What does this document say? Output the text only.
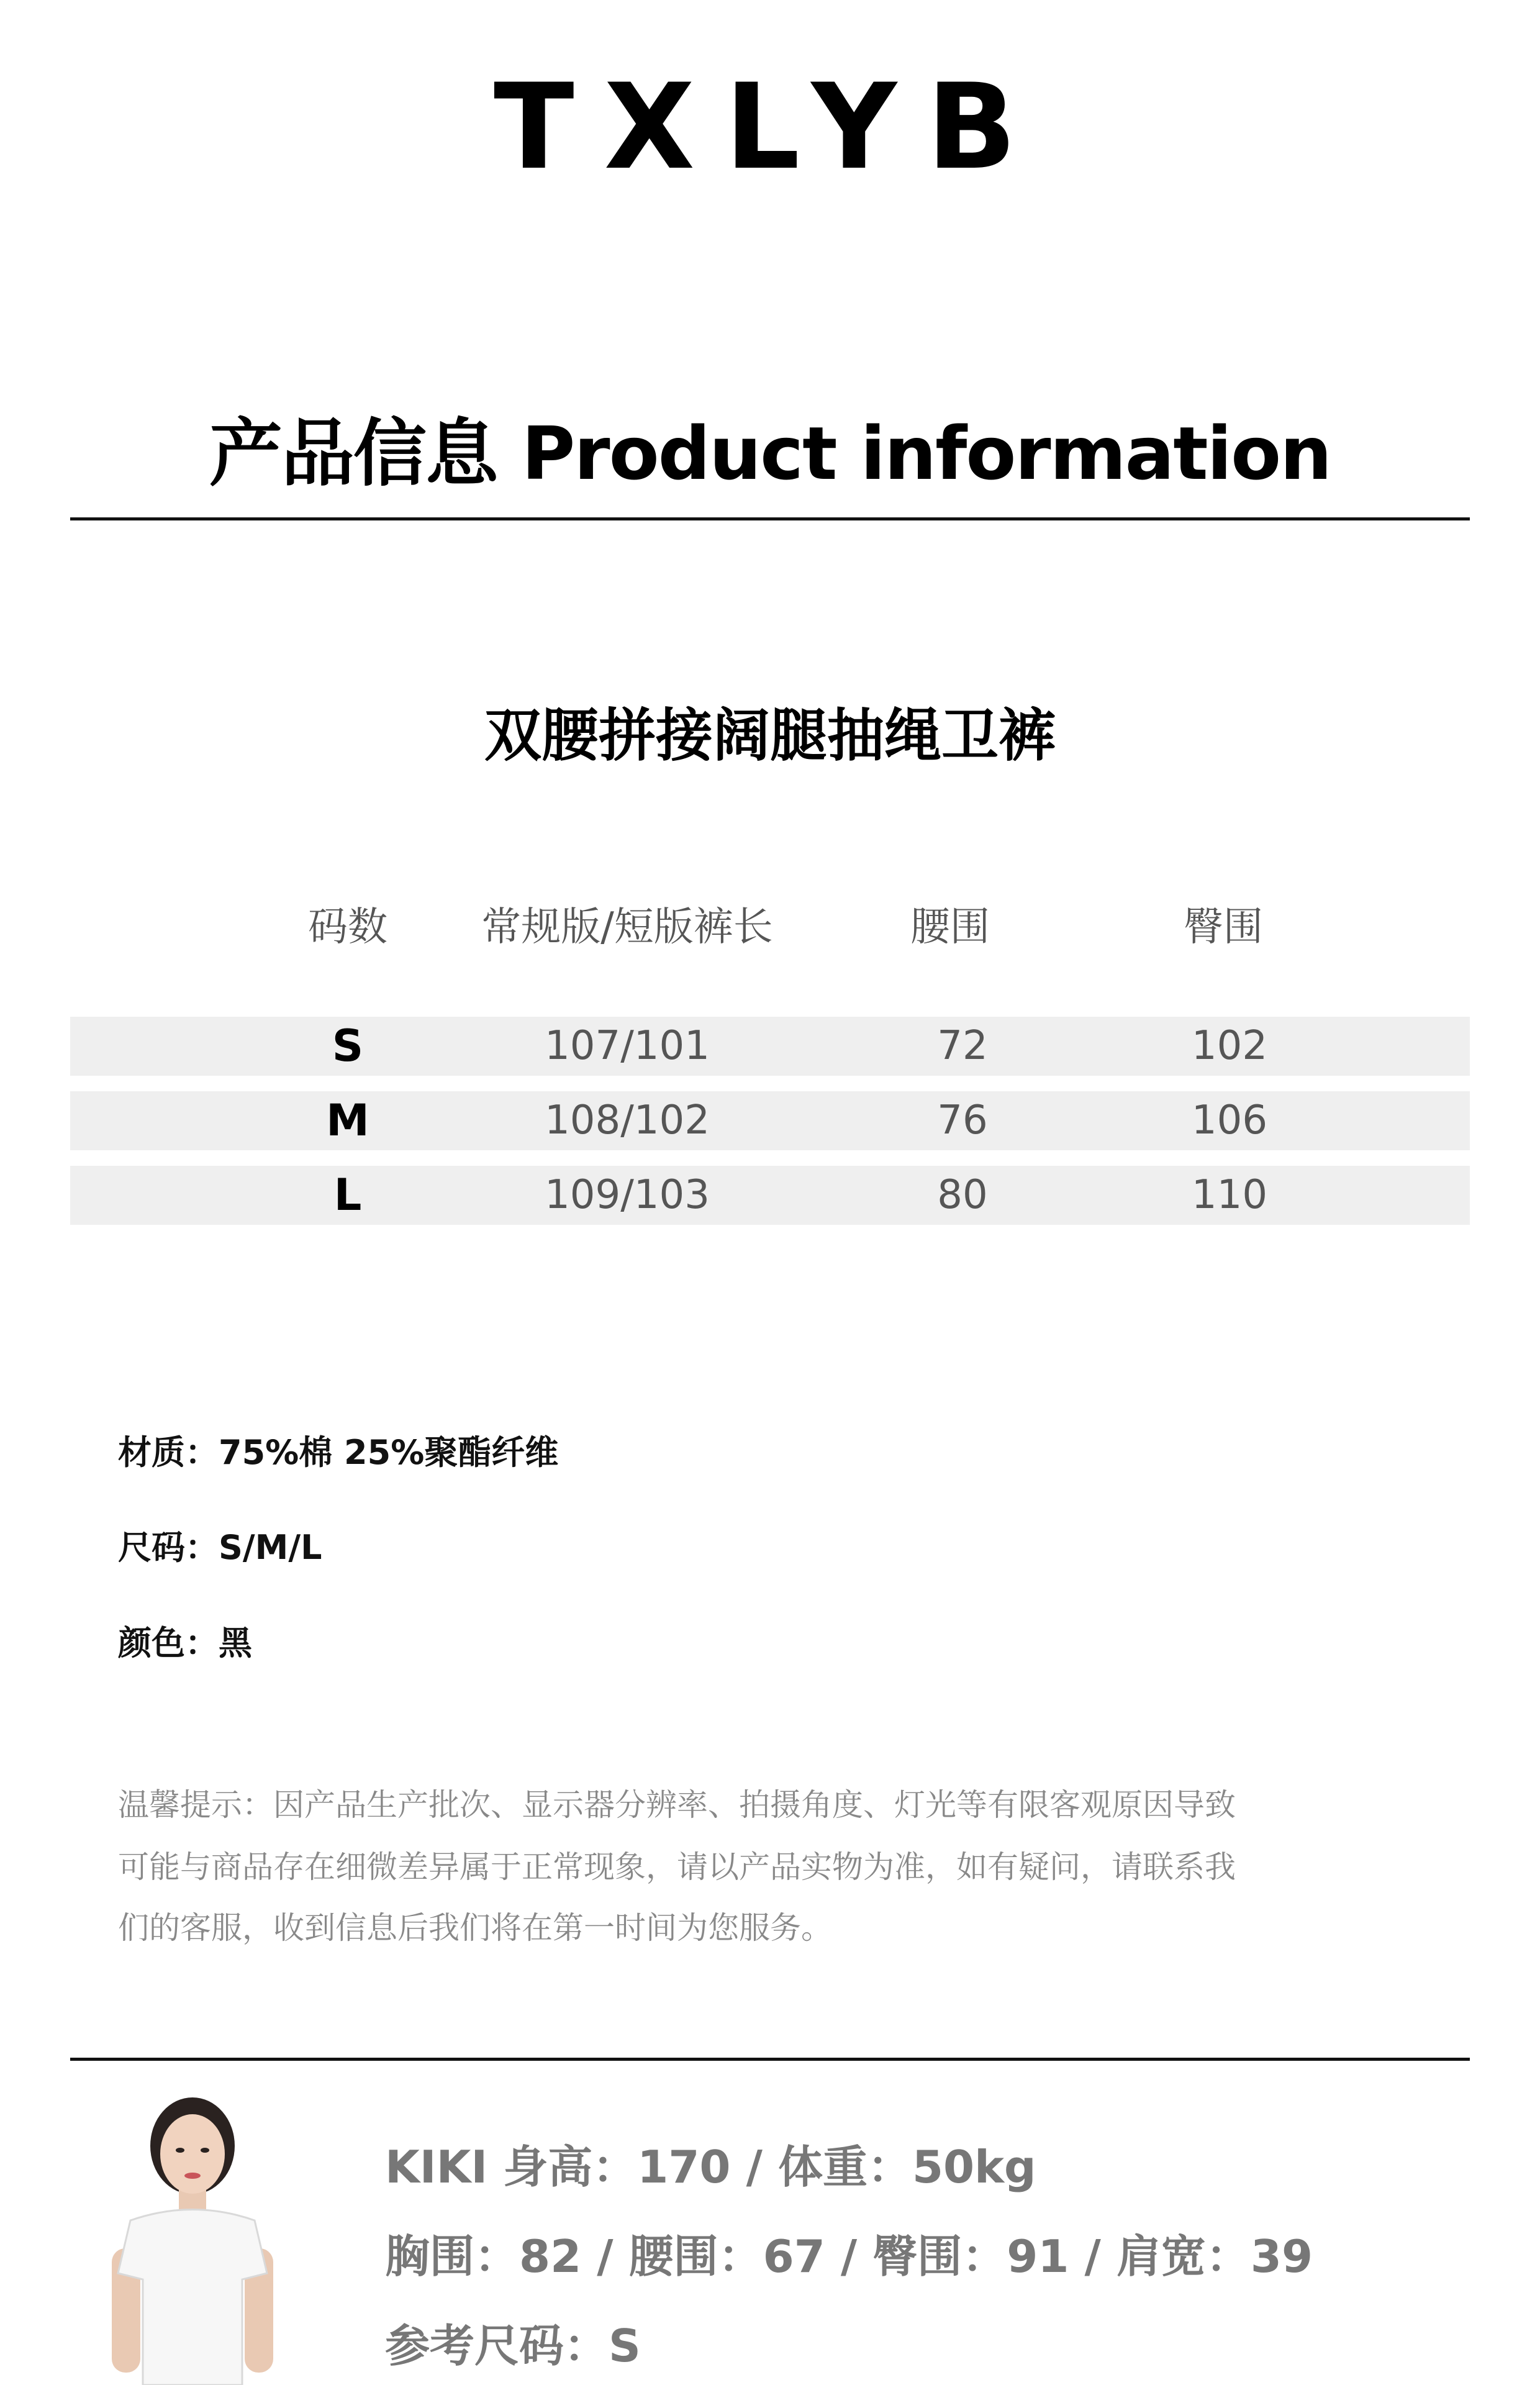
TXLYB
产品信息 Product information
双腰拼接阔腿抽绳卫裤
码数	常规版/短版裤长	腰围	臀围
S	107/101	72	102
M	108/102	76	106
L	109/103	80	110
材质：75%棉 25%聚酯纤维
尺码：S/M/L
颜色：黑
温馨提示：因产品生产批次、显示器分辨率、拍摄角度、灯光等有限客观原因导致
可能与商品存在细微差异属于正常现象，请以产品实物为准，如有疑问，请联系我
们的客服，收到信息后我们将在第一时间为您服务。
KIKI 身高：170 / 体重：50kg
胸围：82 / 腰围：67 / 臀围：91 / 肩宽：39
参考尺码：S
